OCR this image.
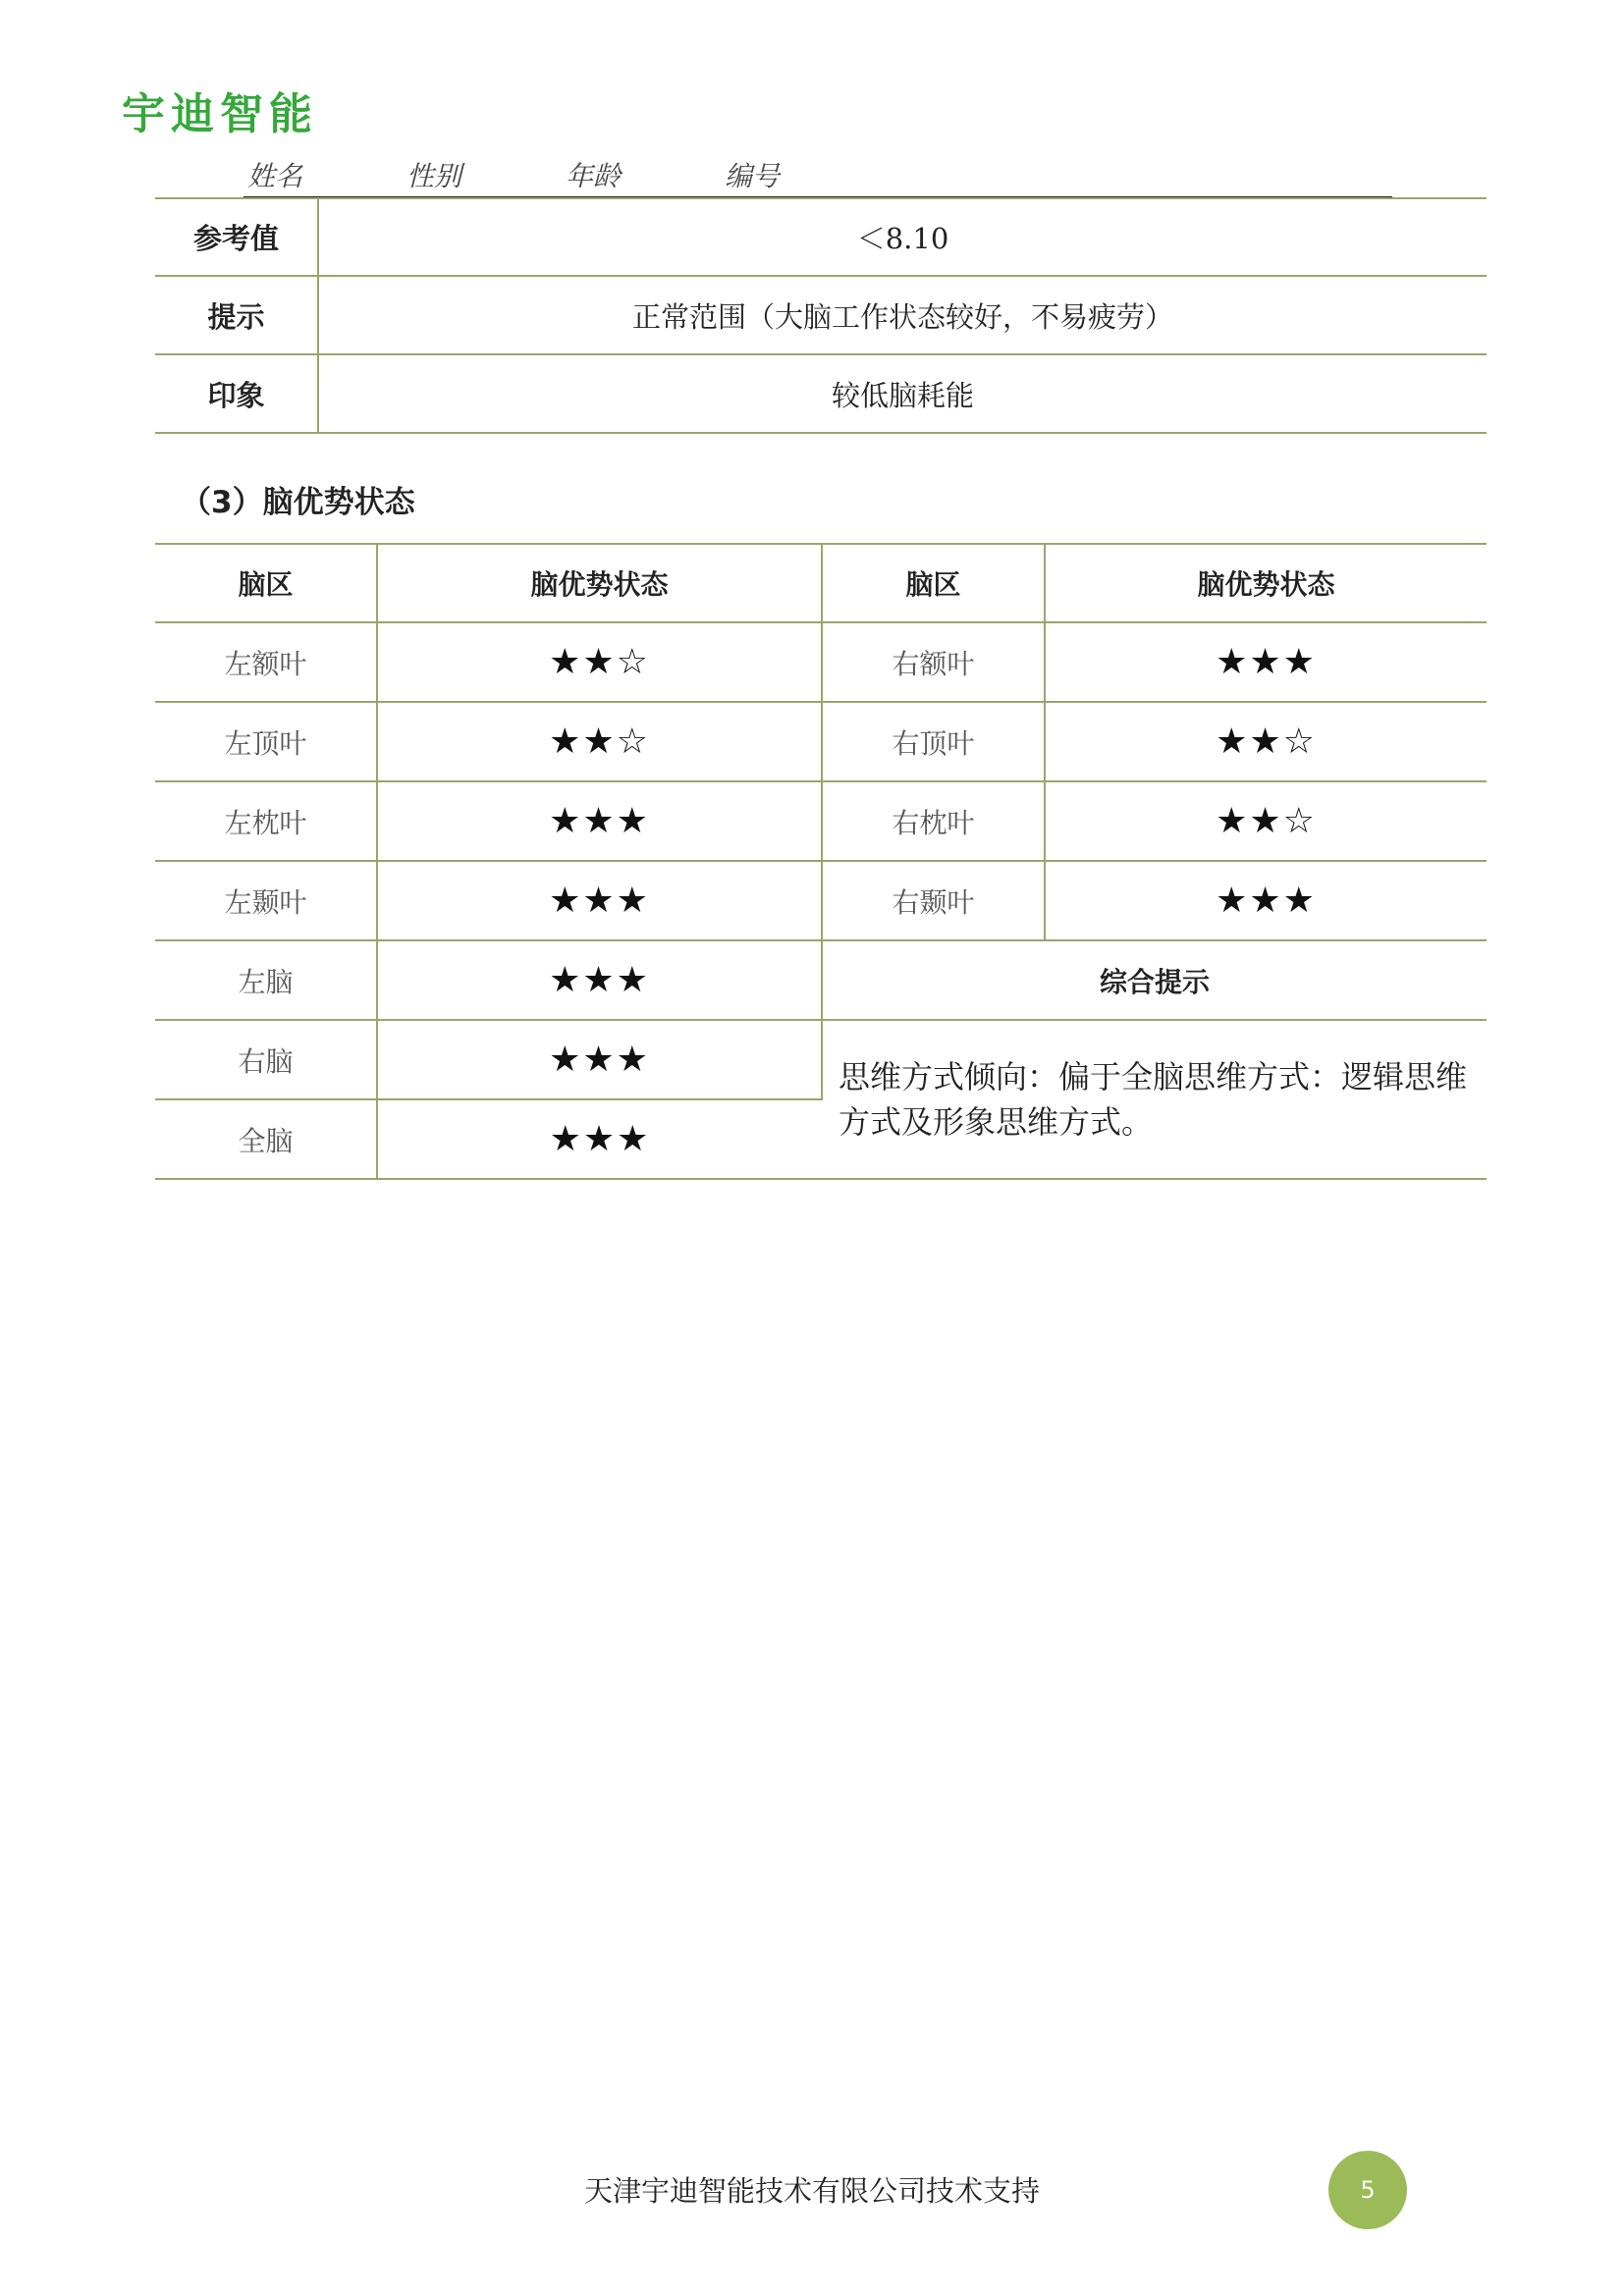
宇迪智能
姓名	性别	年龄	编号
参考值	＜8.10
提示	正常范围（大脑工作状态较好，不易疲劳）
印象	较低脑耗能
（3）脑优势状态
脑区	脑优势状态	脑区	脑优势状态
左额叶	★★☆	右额叶	★★★
左顶叶	★★☆	右顶叶	★★☆
左枕叶	★★★	右枕叶	★★☆
左颞叶	★★★	右颞叶	★★★
左脑	★★★	综合提示	
右脑	★★★	思维方式倾向：偏于全脑思维方式：逻辑思维方式及形象思维方式。	
全脑	★★★		
天津宇迪智能技术有限公司技术支持	5
